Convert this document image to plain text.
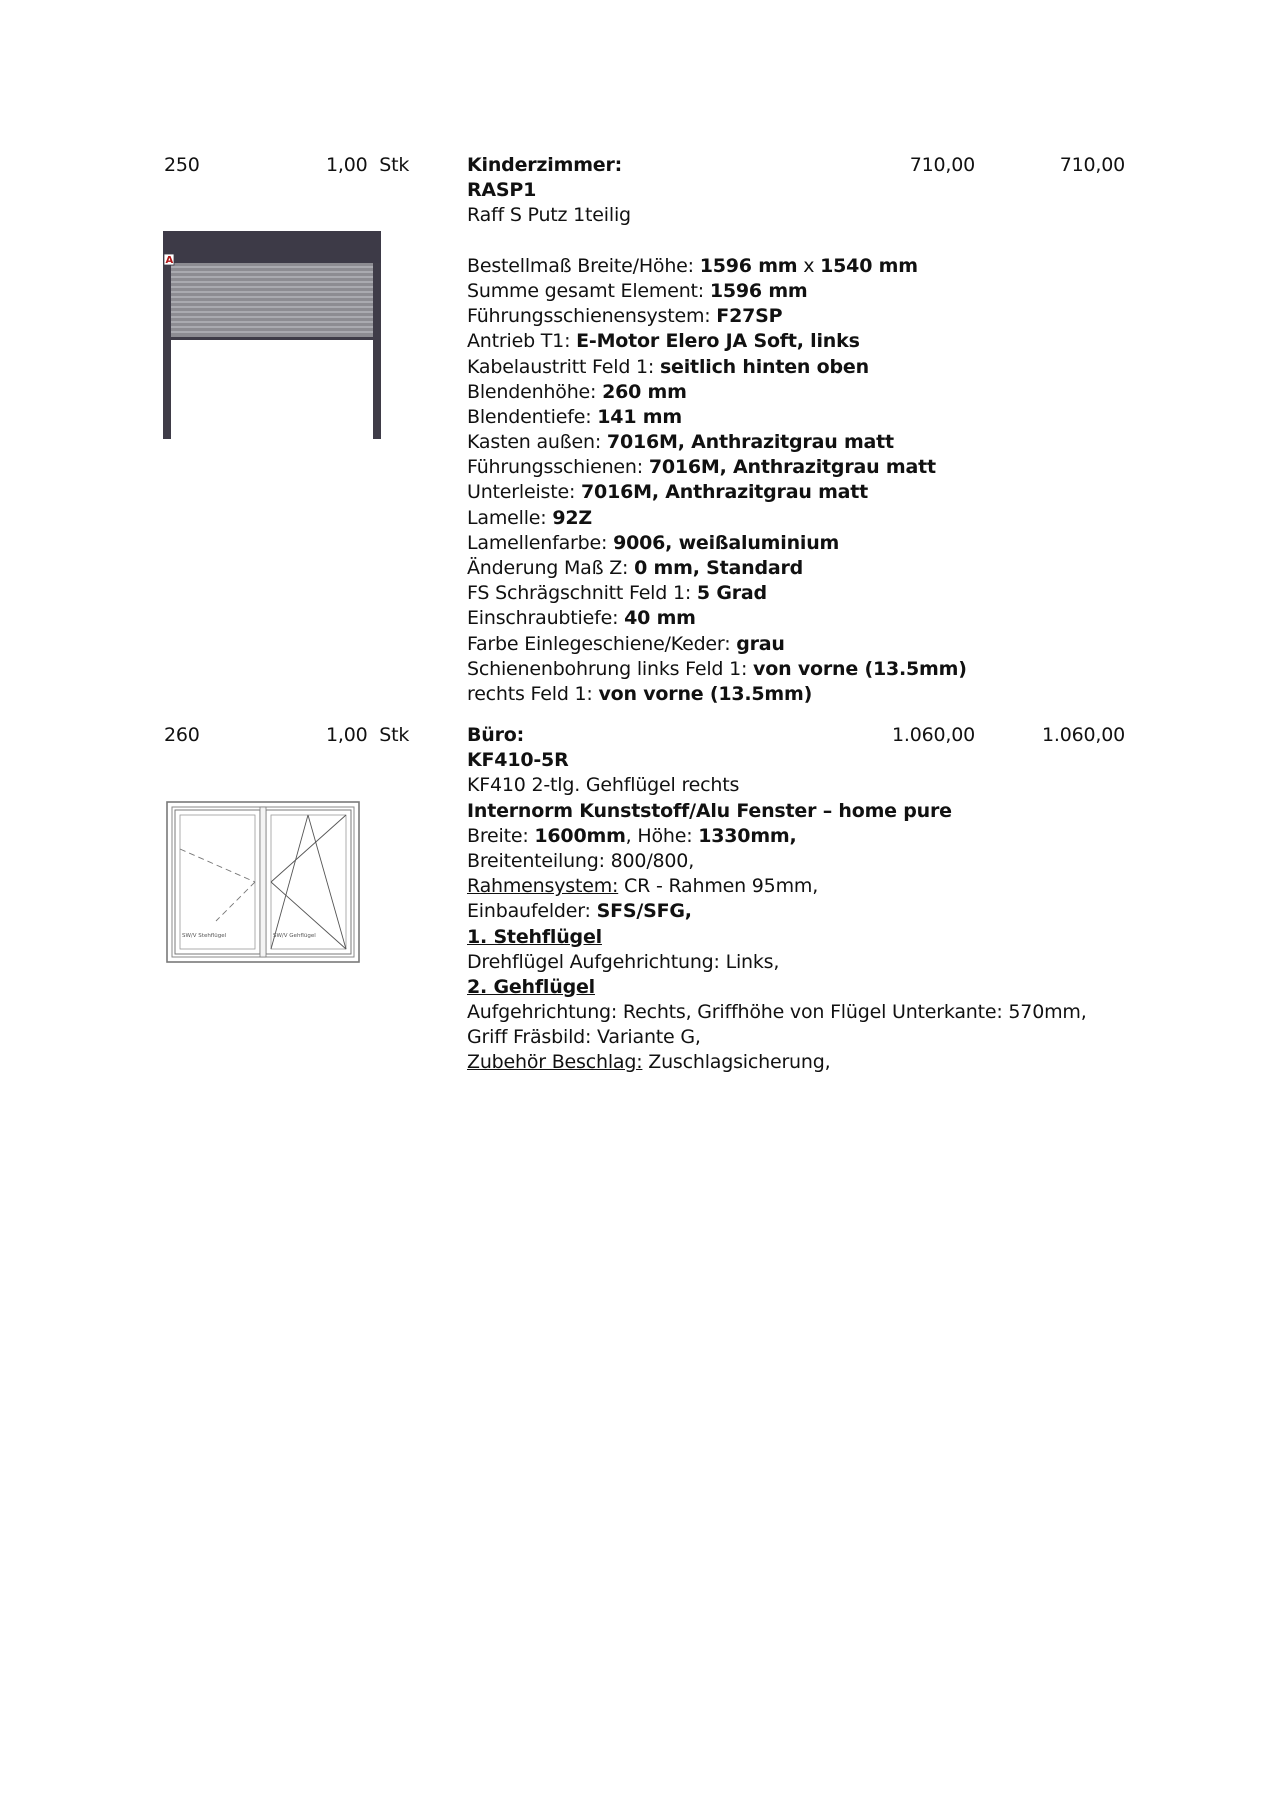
250	1,00 Stk	710,00	710,00
A
Kinderzimmer:
RASP1
Raff S Putz 1teilig
Bestellmaß Breite/Höhe: 1596 mm x 1540 mm
Summe gesamt Element: 1596 mm
Führungsschienensystem: F27SP
Antrieb T1: E-Motor Elero JA Soft, links
Kabelaustritt Feld 1: seitlich hinten oben
Blendenhöhe: 260 mm
Blendentiefe: 141 mm
Kasten außen: 7016M, Anthrazitgrau matt
Führungsschienen: 7016M, Anthrazitgrau matt
Unterleiste: 7016M, Anthrazitgrau matt
Lamelle: 92Z
Lamellenfarbe: 9006, weißaluminium
Änderung Maß Z: 0 mm, Standard
FS Schrägschnitt Feld 1: 5 Grad
Einschraubtiefe: 40 mm
Farbe Einlegeschiene/Keder: grau
Schienenbohrung links Feld 1: von vorne (13.5mm)
rechts Feld 1: von vorne (13.5mm)
260	1,00 Stk	1.060,00	1.060,00
SW/V Stehflügel	SW/V Gehflügel
Büro:
KF410-5R
KF410 2-tlg. Gehflügel rechts
Internorm Kunststoff/Alu Fenster – home pure
Breite: 1600mm, Höhe: 1330mm,
Breitenteilung: 800/800,
Rahmensystem: CR - Rahmen 95mm,
Einbaufelder: SFS/SFG,
1. Stehflügel
Drehflügel Aufgehrichtung: Links,
2. Gehflügel
Aufgehrichtung: Rechts, Griffhöhe von Flügel Unterkante: 570mm,
Griff Fräsbild: Variante G,
Zubehör Beschlag: Zuschlagsicherung,
